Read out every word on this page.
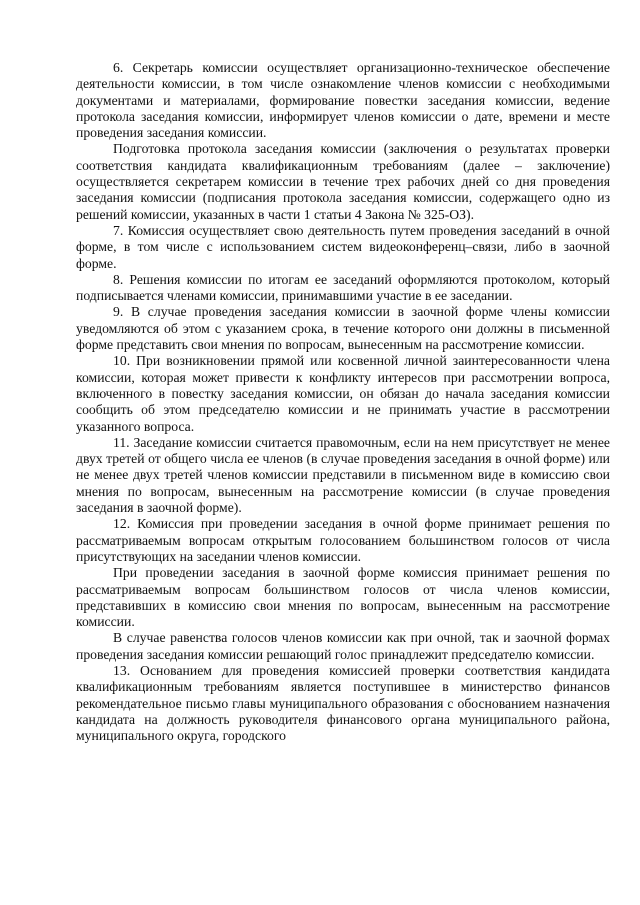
6. Секретарь комиссии осуществляет организационно-техническое обеспечение деятельности комиссии, в том числе ознакомление членов комиссии с необходимыми документами и материалами, формирование повестки заседания комиссии, ведение протокола заседания комиссии, информирует членов комиссии о дате, времени и месте проведения заседания комиссии.

Подготовка протокола заседания комиссии (заключения о результатах проверки соответствия кандидата квалификационным требованиям (далее – заключение) осуществляется секретарем комиссии в течение трех рабочих дней со дня проведения заседания комиссии (подписания протокола заседания комиссии, содержащего одно из решений комиссии, указанных в части 1 статьи 4 Закона № 325-ОЗ).

7. Комиссия осуществляет свою деятельность путем проведения заседаний в очной форме, в том числе с использованием систем видеоконференц–связи, либо в заочной форме.

8. Решения комиссии по итогам ее заседаний оформляются протоколом, который подписывается членами комиссии, принимавшими участие в ее заседании.

9. В случае проведения заседания комиссии в заочной форме члены комиссии уведомляются об этом с указанием срока, в течение которого они должны в письменной форме представить свои мнения по вопросам, вынесенным на рассмотрение комиссии.

10. При возникновении прямой или косвенной личной заинтересованности члена комиссии, которая может привести к конфликту интересов при рассмотрении вопроса, включенного в повестку заседания комиссии, он обязан до начала заседания комиссии сообщить об этом председателю комиссии и не принимать участие в рассмотрении указанного вопроса.

11. Заседание комиссии считается правомочным, если на нем присутствует не менее двух третей от общего числа ее членов (в случае проведения заседания в очной форме) или не менее двух третей членов комиссии представили в письменном виде в комиссию свои мнения по вопросам, вынесенным на рассмотрение комиссии (в случае проведения заседания в заочной форме).

12. Комиссия при проведении заседания в очной форме принимает решения по рассматриваемым вопросам открытым голосованием большинством голосов от числа присутствующих на заседании членов комиссии.

При проведении заседания в заочной форме комиссия принимает решения по рассматриваемым вопросам большинством голосов от числа членов комиссии, представивших в комиссию свои мнения по вопросам, вынесенным на рассмотрение комиссии.

В случае равенства голосов членов комиссии как при очной, так и заочной формах проведения заседания комиссии решающий голос принадлежит председателю комиссии.

13. Основанием для проведения комиссией проверки соответствия кандидата квалификационным требованиям является поступившее в министерство финансов рекомендательное письмо главы муниципального образования с обоснованием назначения кандидата на должность руководителя финансового органа муниципального района, муниципального округа, городского
